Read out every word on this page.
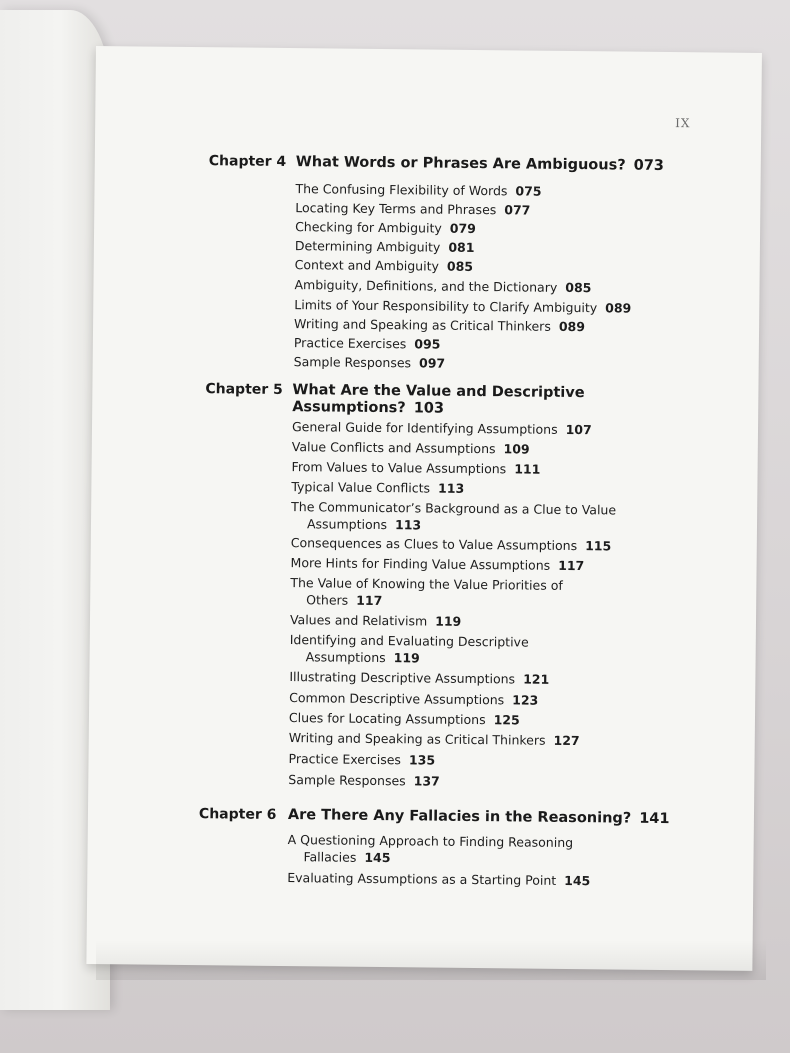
IX
Chapter 4 What Words or Phrases Are Ambiguous? 073
The Confusing Flexibility of Words 075
Locating Key Terms and Phrases 077
Checking for Ambiguity 079
Determining Ambiguity 081
Context and Ambiguity 085
Ambiguity, Definitions, and the Dictionary 085
Limits of Your Responsibility to Clarify Ambiguity 089
Writing and Speaking as Critical Thinkers 089
Practice Exercises 095
Sample Responses 097
Chapter 5 What Are the Value and Descriptive
Assumptions? 103
General Guide for Identifying Assumptions 107
Value Conflicts and Assumptions 109
From Values to Value Assumptions 111
Typical Value Conflicts 113
The Communicator’s Background as a Clue to Value
Assumptions 113
Consequences as Clues to Value Assumptions 115
More Hints for Finding Value Assumptions 117
The Value of Knowing the Value Priorities of
Others 117
Values and Relativism 119
Identifying and Evaluating Descriptive
Assumptions 119
Illustrating Descriptive Assumptions 121
Common Descriptive Assumptions 123
Clues for Locating Assumptions 125
Writing and Speaking as Critical Thinkers 127
Practice Exercises 135
Sample Responses 137
Chapter 6 Are There Any Fallacies in the Reasoning? 141
A Questioning Approach to Finding Reasoning
Fallacies 145
Evaluating Assumptions as a Starting Point 145
